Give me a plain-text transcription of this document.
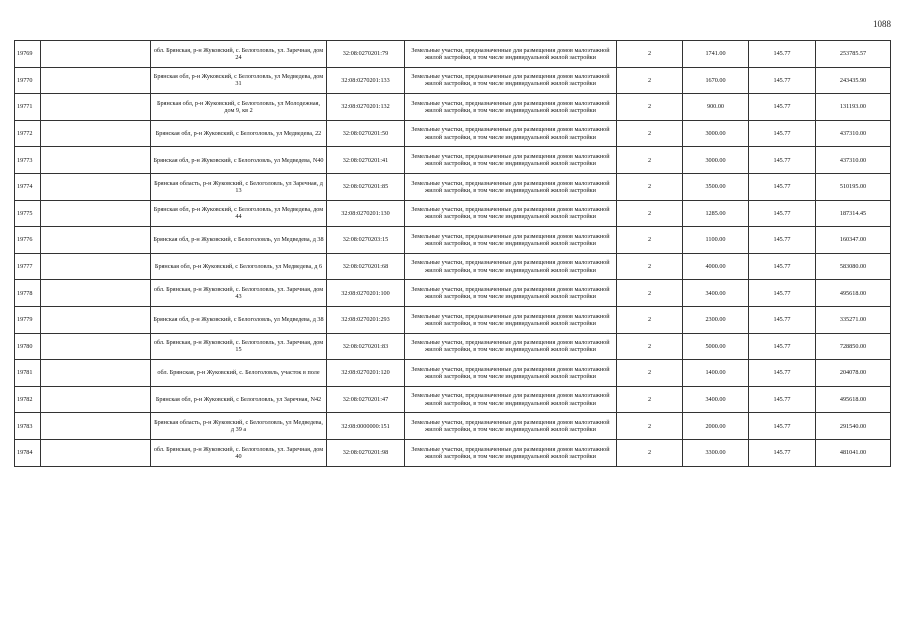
1088
19769		обл. Брянская, р-н Жуковский, с. Белоголовль, ул. Заречная, дом 24	32:08:0270201:79	Земельные участки, предназначенные для размещения домов малоэтажной жилой застройки, в том числе индивидуальной жилой застройки	2	1741.00	145.77	253785.57
19770		Брянская обл, р-н Жуковский, с Белоголовль, ул Медведева, дом 31	32:08:0270201:133	Земельные участки, предназначенные для размещения домов малоэтажной жилой застройки, в том числе индивидуальной жилой застройки	2	1670.00	145.77	243435.90
19771		Брянская обл, р-н Жуковский, с Белоголовль, ул Молодежная, дом 9, кв 2	32:08:0270201:132	Земельные участки, предназначенные для размещения домов малоэтажной жилой застройки, в том числе индивидуальной жилой застройки	2	900.00	145.77	131193.00
19772		Брянская обл, р-н Жуковский, с Белоголовль, ул Медведева, 22	32:08:0270201:50	Земельные участки, предназначенные для размещения домов малоэтажной жилой застройки, в том числе индивидуальной жилой застройки	2	3000.00	145.77	437310.00
19773		Брянская обл, р-н Жуковский, с Белоголовль, ул Медведева, N40	32:08:0270201:41	Земельные участки, предназначенные для размещения домов малоэтажной жилой застройки, в том числе индивидуальной жилой застройки	2	3000.00	145.77	437310.00
19774		Брянская область, р-н Жуковский, с Белоголовль, ул Заречная, д 13	32:08:0270201:85	Земельные участки, предназначенные для размещения домов малоэтажной жилой застройки, в том числе индивидуальной жилой застройки	2	3500.00	145.77	510195.00
19775		Брянская обл, р-н Жуковский, с Белоголовль, ул Медведева, дом 44	32:08:0270201:130	Земельные участки, предназначенные для размещения домов малоэтажной жилой застройки, в том числе индивидуальной жилой застройки	2	1285.00	145.77	187314.45
19776		Брянская обл, р-н Жуковский, с Белоголовль, ул Медведева, д 38	32:08:0270203:15	Земельные участки, предназначенные для размещения домов малоэтажной жилой застройки, в том числе индивидуальной жилой застройки	2	1100.00	145.77	160347.00
19777		Брянская обл, р-н Жуковский, с Белоголовль, ул Медведева, д 6	32:08:0270201:68	Земельные участки, предназначенные для размещения домов малоэтажной жилой застройки, в том числе индивидуальной жилой застройки	2	4000.00	145.77	583080.00
19778		обл. Брянская, р-н Жуковский, с. Белоголовль, ул. Заречная, дом 43	32:08:0270201:100	Земельные участки, предназначенные для размещения домов малоэтажной жилой застройки, в том числе индивидуальной жилой застройки	2	3400.00	145.77	495618.00
19779		Брянская обл, р-н Жуковский, с Белоголовль, ул Медведева, д 38	32:08:0270201:293	Земельные участки, предназначенные для размещения домов малоэтажной жилой застройки, в том числе индивидуальной жилой застройки	2	2300.00	145.77	335271.00
19780		обл. Брянская, р-н Жуковский, с. Белоголовль, ул. Заречная, дом 15	32:08:0270201:83	Земельные участки, предназначенные для размещения домов малоэтажной жилой застройки, в том числе индивидуальной жилой застройки	2	5000.00	145.77	728850.00
19781		обл. Брянская, р-н Жуковский, с. Белоголовль, участок в поле	32:08:0270201:120	Земельные участки, предназначенные для размещения домов малоэтажной жилой застройки, в том числе индивидуальной жилой застройки	2	1400.00	145.77	204078.00
19782		Брянская обл, р-н Жуковский, с Белоголовль, ул Заречная, N42	32:08:0270201:47	Земельные участки, предназначенные для размещения домов малоэтажной жилой застройки, в том числе индивидуальной жилой застройки	2	3400.00	145.77	495618.00
19783		Брянская область, р-н Жуковский, с Белоголовль, ул Медведева, д 39 а	32:08:0000000:151	Земельные участки, предназначенные для размещения домов малоэтажной жилой застройки, в том числе индивидуальной жилой застройки	2	2000.00	145.77	291540.00
19784		обл. Брянская, р-н Жуковский, с. Белоголовль, ул. Заречная, дом 40	32:08:0270201:98	Земельные участки, предназначенные для размещения домов малоэтажной жилой застройки, в том числе индивидуальной жилой застройки	2	3300.00	145.77	481041.00
